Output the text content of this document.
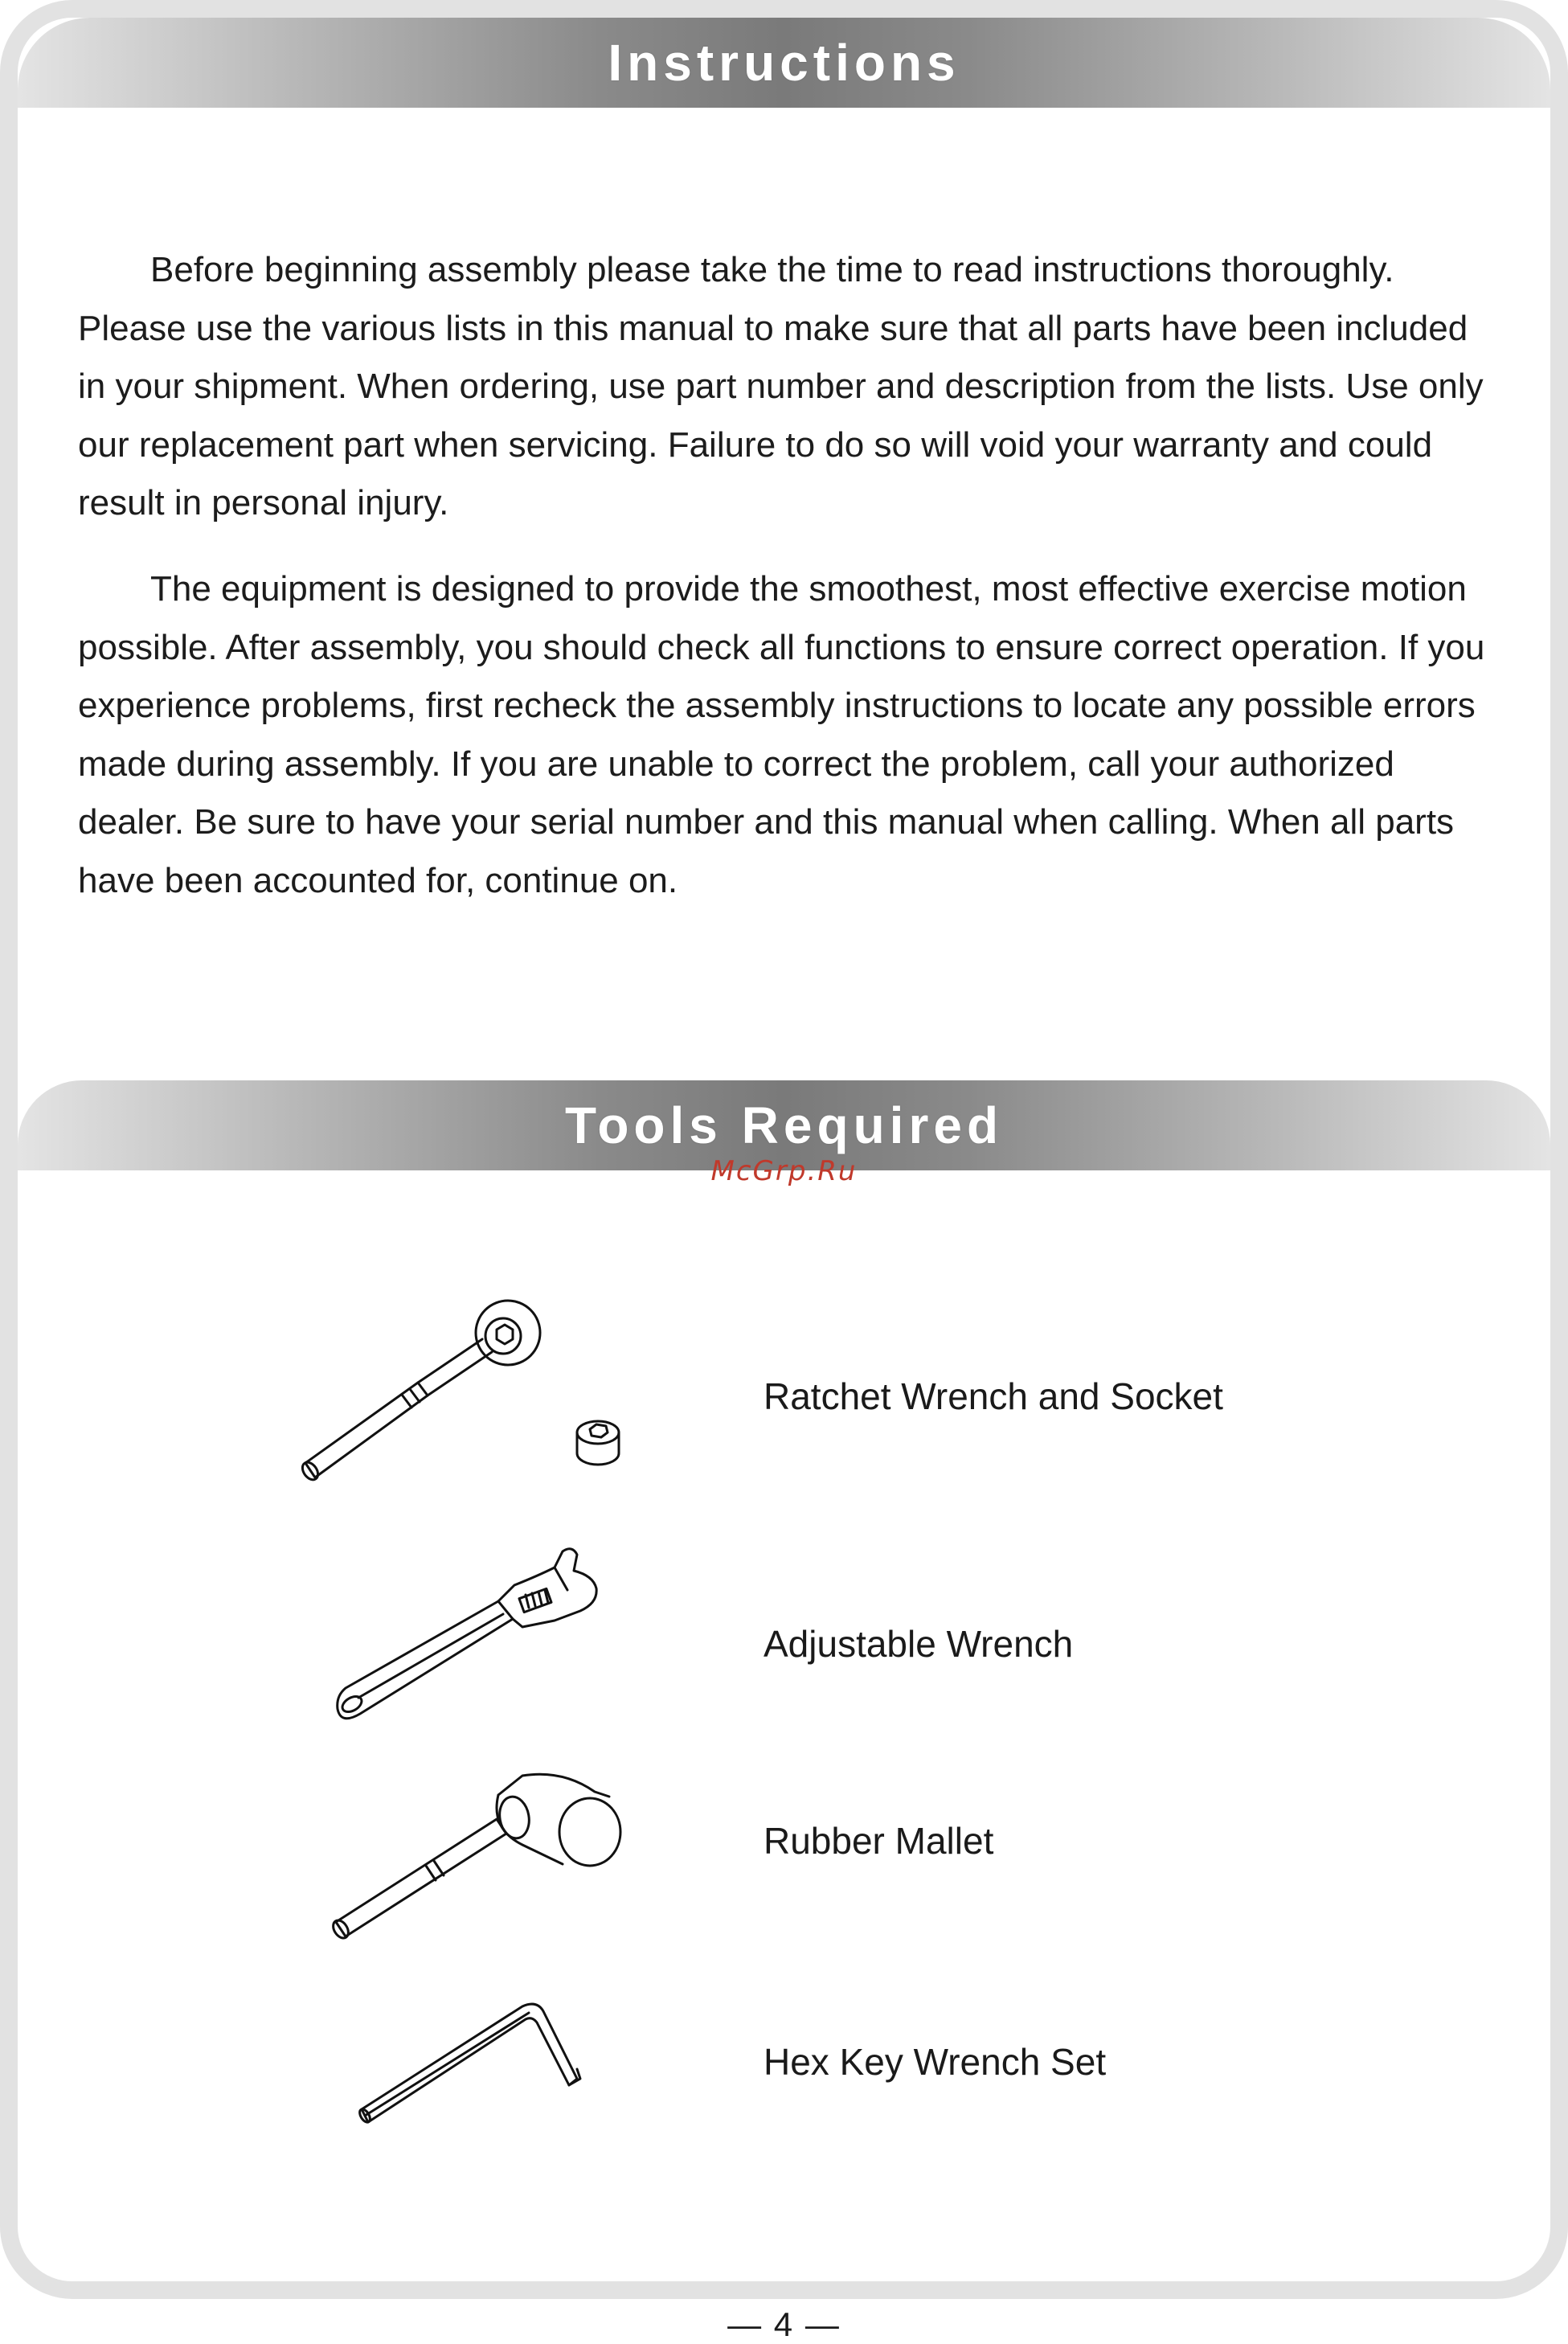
Instructions

Before beginning assembly please take the time to read instructions thoroughly. Please use the various lists in this manual to make sure that all parts have been included in your shipment. When ordering, use part number and description from the lists. Use only our replacement part when servicing. Failure to do so will void your warranty and could result in personal injury.

The equipment is designed to provide the smoothest, most effective exercise motion possible. After assembly, you should check all functions to ensure correct operation. If you experience problems, first recheck the assembly instructions to locate any possible errors made during assembly. If you are unable to correct the problem, call your authorized dealer. Be sure to have your serial number and this manual when calling. When all parts have been accounted for, continue on.

Tools Required
McGrp.Ru
Ratchet Wrench and Socket
Adjustable Wrench
Rubber Mallet
Hex Key Wrench Set
— 4 —
